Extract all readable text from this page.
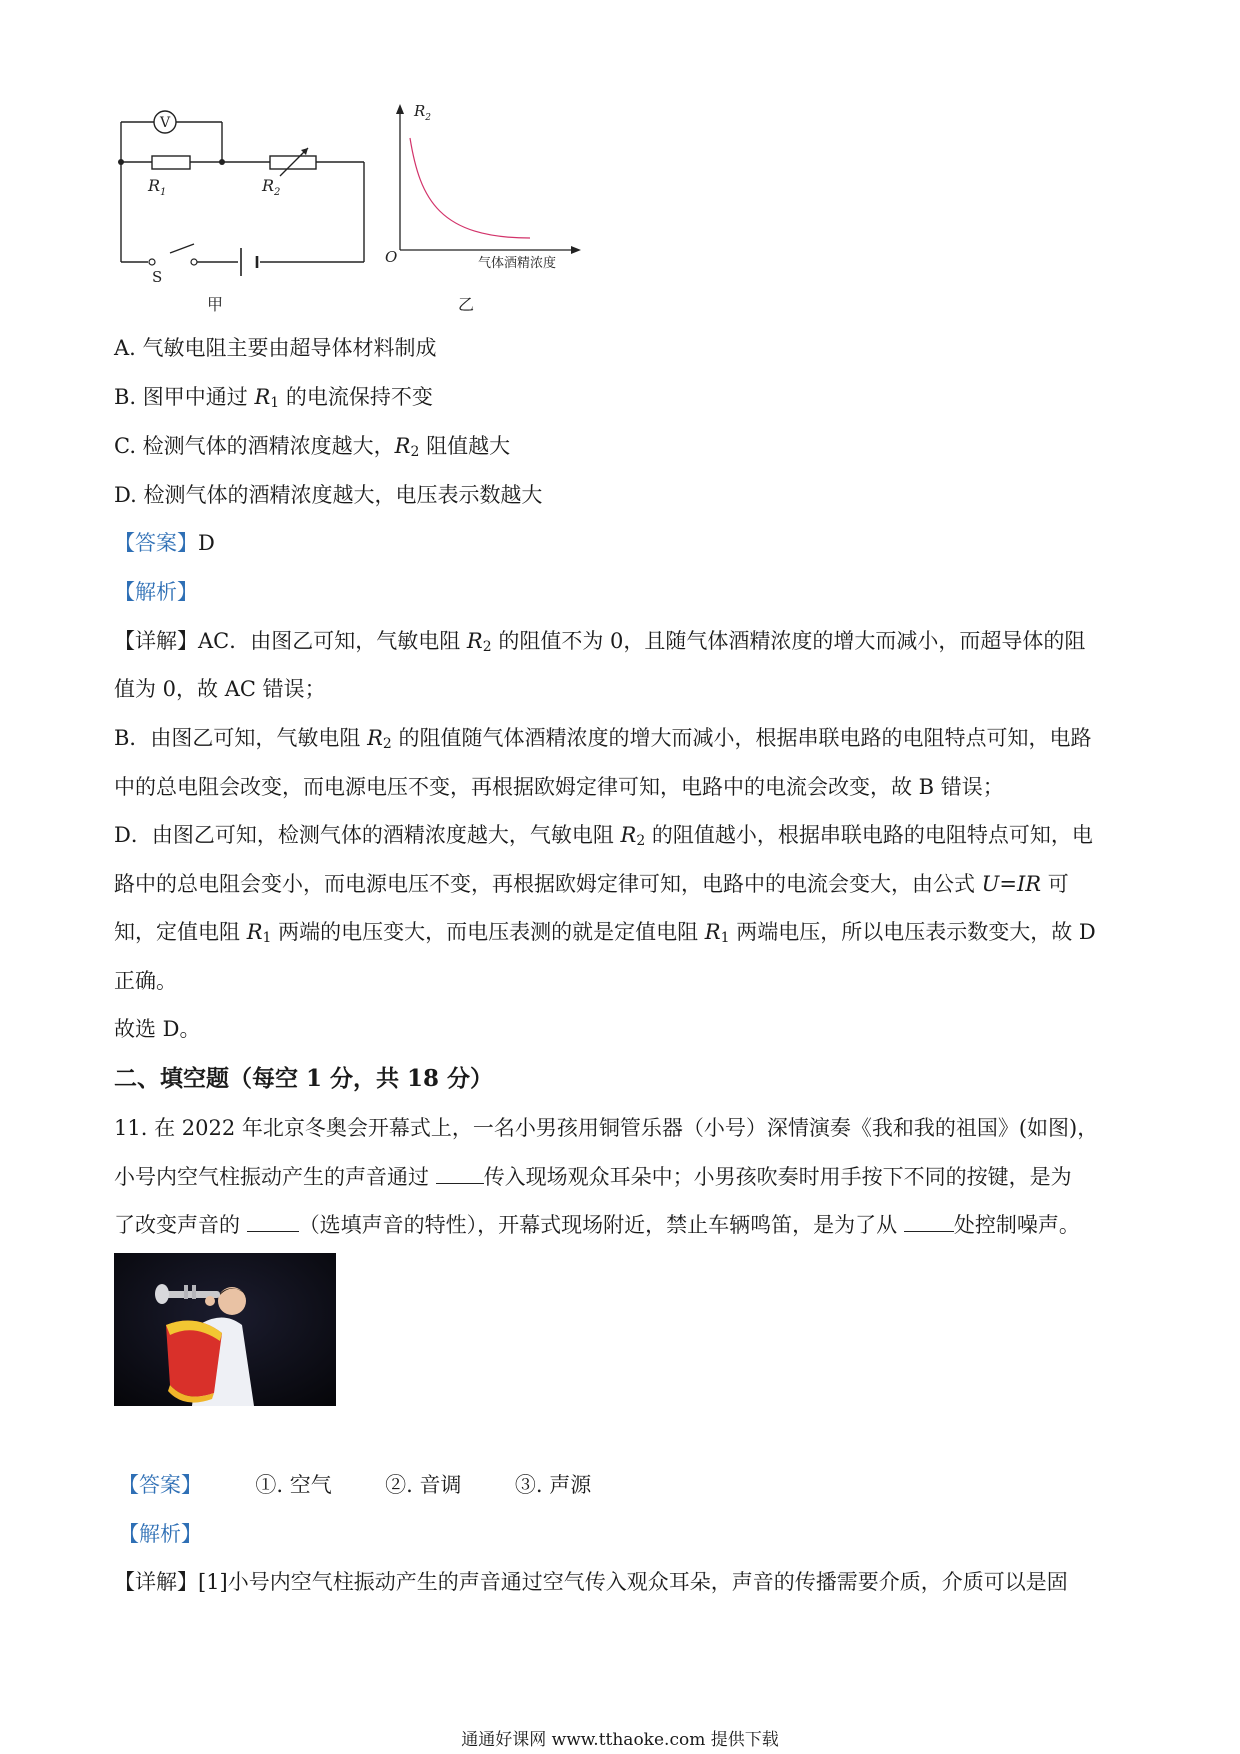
V
$R_1$	$R_2$
S
甲
$R_2$
O	气体酒精浓度
乙
A. 气敏电阻主要由超导体材料制成
B. 图甲中通过 $R_1$ 的电流保持不变
C. 检测气体的酒精浓度越大，$R_2$ 阻值越大
D. 检测气体的酒精浓度越大，电压表示数越大
【答案】D
【解析】
【详解】AC．由图乙可知，气敏电阻 $R_2$ 的阻值不为 0，且随气体酒精浓度的增大而减小，而超导体的阻
值为 0，故 AC 错误；
B．由图乙可知，气敏电阻 $R_2$ 的阻值随气体酒精浓度的增大而减小，根据串联电路的电阻特点可知，电路
中的总电阻会改变，而电源电压不变，再根据欧姆定律可知，电路中的电流会改变，故 B 错误；
D．由图乙可知，检测气体的酒精浓度越大，气敏电阻 $R_2$ 的阻值越小，根据串联电路的电阻特点可知，电
路中的总电阻会变小，而电源电压不变，再根据欧姆定律可知，电路中的电流会变大，由公式 U=IR 可
知，定值电阻 $R_1$ 两端的电压变大，而电压表测的就是定值电阻 $R_1$ 两端电压，所以电压表示数变大，故 D
正确。
故选 D。
二、填空题（每空 1 分，共 18 分）
11. 在 2022 年北京冬奥会开幕式上，一名小男孩用铜管乐器（小号）深情演奏《我和我的祖国》(如图)，
小号内空气柱振动产生的声音通过 传入现场观众耳朵中；小男孩吹奏时用手按下不同的按键，是为
了改变声音的 （选填声音的特性），开幕式现场附近，禁止车辆鸣笛，是为了从 处控制噪声。
【答案】	①. 空气	②. 音调	③. 声源
【解析】
【详解】[1]小号内空气柱振动产生的声音通过空气传入观众耳朵，声音的传播需要介质，介质可以是固
通通好课网 www.tthaoke.com 提供下载
